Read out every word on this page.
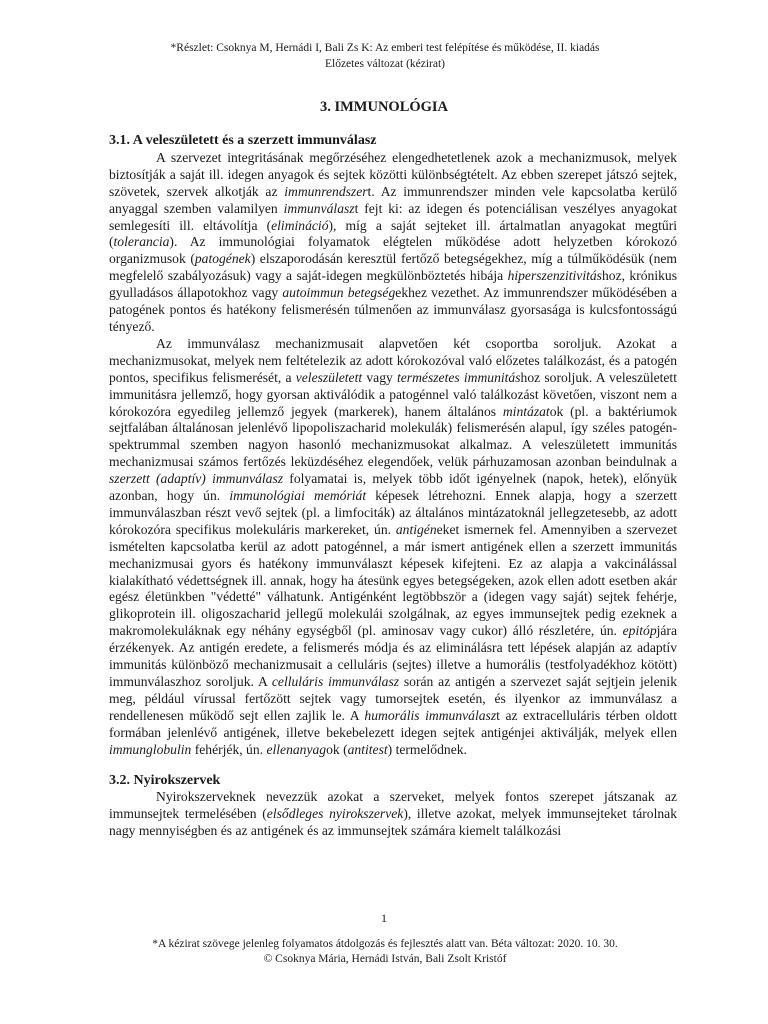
*Részlet: Csoknya M, Hernádi I, Bali Zs K: Az emberi test felépítése és működése, II. kiadás
Előzetes változat (kézirat)
3. IMMUNOLÓGIA
3.1. A veleszületett és a szerzett immunválasz

A szervezet integritásának megőrzéséhez elengedhetetlenek azok a mechanizmusok, melyek biztosítják a saját ill. idegen anyagok és sejtek közötti különbségtételt. Az ebben szerepet játszó sejtek, szövetek, szervek alkotják az immunrendszert. Az immunrendszer minden vele kapcsolatba kerülő anyaggal szemben valamilyen immunválaszt fejt ki: az idegen és potenciálisan veszélyes anyagokat semlegesíti ill. eltávolítja (elimináció), míg a saját sejteket ill. ártalmatlan anyagokat megtűri (tolerancia). Az immunológiai folyamatok elégtelen működése adott helyzetben kórokozó organizmusok (patogének) elszaporodásán keresztül fertőző betegségekhez, míg a túlműködésük (nem megfelelő szabályozásuk) vagy a saját-idegen megkülönböztetés hibája hiperszenzitivitáshoz, krónikus gyulladásos állapotokhoz vagy autoimmun betegségekhez vezethet. Az immunrendszer működésében a patogének pontos és hatékony felismerésén túlmenően az immunválasz gyorsasága is kulcsfontosságú tényező.

Az immunválasz mechanizmusait alapvetően két csoportba soroljuk. Azokat a mechanizmusokat, melyek nem feltételezik az adott kórokozóval való előzetes találkozást, és a patogén pontos, specifikus felismerését, a veleszületett vagy természetes immunitáshoz soroljuk. A veleszületett immunitásra jellemző, hogy gyorsan aktiválódik a patogénnel való találkozást követően, viszont nem a kórokozóra egyedileg jellemző jegyek (markerek), hanem általános mintázatok (pl. a baktériumok sejtfalában általánosan jelenlévő lipopoliszacharid molekulák) felismerésén alapul, így széles patogén-spektrummal szemben nagyon hasonló mechanizmusokat alkalmaz. A veleszületett immunitás mechanizmusai számos fertőzés leküzdéséhez elegendőek, velük párhuzamosan azonban beindulnak a szerzett (adaptív) immunválasz folyamatai is, melyek több időt igényelnek (napok, hetek), előnyük azonban, hogy ún. immunológiai memóriát képesek létrehozni. Ennek alapja, hogy a szerzett immunválaszban részt vevő sejtek (pl. a limfociták) az általános mintázatoknál jellegzetesebb, az adott kórokozóra specifikus molekuláris markereket, ún. antigéneket ismernek fel. Amennyiben a szervezet ismételten kapcsolatba kerül az adott patogénnel, a már ismert antigének ellen a szerzett immunitás mechanizmusai gyors és hatékony immunválaszt képesek kifejteni. Ez az alapja a vakcinálással kialakítható védettségnek ill. annak, hogy ha átesünk egyes betegségeken, azok ellen adott esetben akár egész életünkben "védetté" válhatunk. Antigénként legtöbbször a (idegen vagy saját) sejtek fehérje, glikoprotein ill. oligoszacharid jellegű molekulái szolgálnak, az egyes immunsejtek pedig ezeknek a makromolekuláknak egy néhány egységből (pl. aminosav vagy cukor) álló részletére, ún. epitópjára érzékenyek. Az antigén eredete, a felismerés módja és az eliminálásra tett lépések alapján az adaptív immunitás különböző mechanizmusait a celluláris (sejtes) illetve a humorális (testfolyadékhoz kötött) immunválaszhoz soroljuk. A celluláris immunválasz során az antigén a szervezet saját sejtjein jelenik meg, például vírussal fertőzött sejtek vagy tumorsejtek esetén, és ilyenkor az immunválasz a rendellenesen működő sejt ellen zajlik le. A humorális immunválaszt az extracelluláris térben oldott formában jelenlévő antigének, illetve bekebelezett idegen sejtek antigénjei aktiválják, melyek ellen immunglobulin fehérjék, ún. ellenanyagok (antitest) termelődnek.

3.2. Nyirokszervek

Nyirokszerveknek nevezzük azokat a szerveket, melyek fontos szerepet játszanak az immunsejtek termelésében (elsődleges nyirokszervek), illetve azokat, melyek immunsejteket tárolnak nagy mennyiségben és az antigének és az immunsejtek számára kiemelt találkozási

1
*A kézirat szövege jelenleg folyamatos átdolgozás és fejlesztés alatt van. Béta változat: 2020. 10. 30.
© Csoknya Mária, Hernádi István, Bali Zsolt Kristóf
